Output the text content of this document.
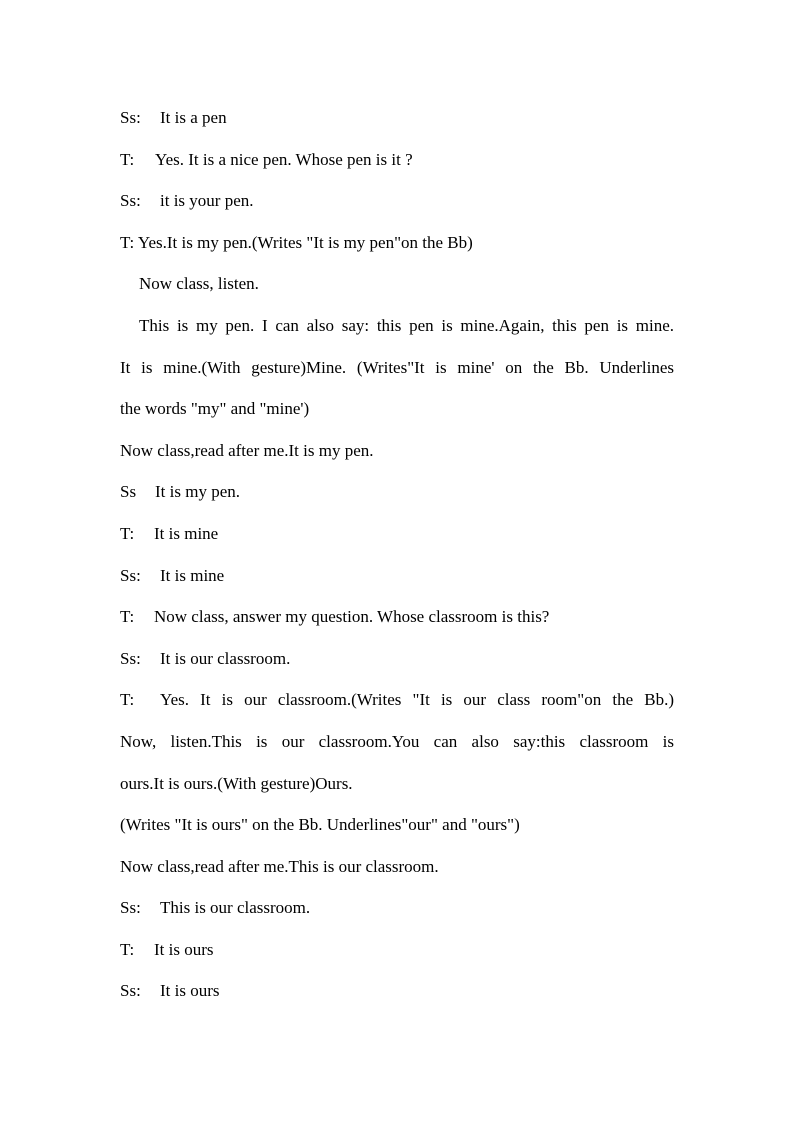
Ss: It is a pen
T: Yes. It is a nice pen. Whose pen is it ?
Ss: it is your pen.
T: Yes.It is my pen.(Writes "It is my pen"on the Bb)
Now class, listen.
This is my pen. I can also say: this pen is mine.Again, this pen is mine.
It is mine.(With gesture)Mine. (Writes"It is mine' on the Bb. Underlines
the words "my" and "mine')
Now class,read after me.It is my pen.
Ss It is my pen.
T: It is mine
Ss: It is mine
T: Now class, answer my question. Whose classroom is this?
Ss: It is our classroom.
T: Yes. It is our classroom.(Writes "It is our class room"on the Bb.)
Now, listen.This is our classroom.You can also say:this classroom is
ours.It is ours.(With gesture)Ours.
(Writes "It is ours" on the Bb. Underlines"our" and "ours")
Now class,read after me.This is our classroom.
Ss: This is our classroom.
T: It is ours
Ss: It is ours
